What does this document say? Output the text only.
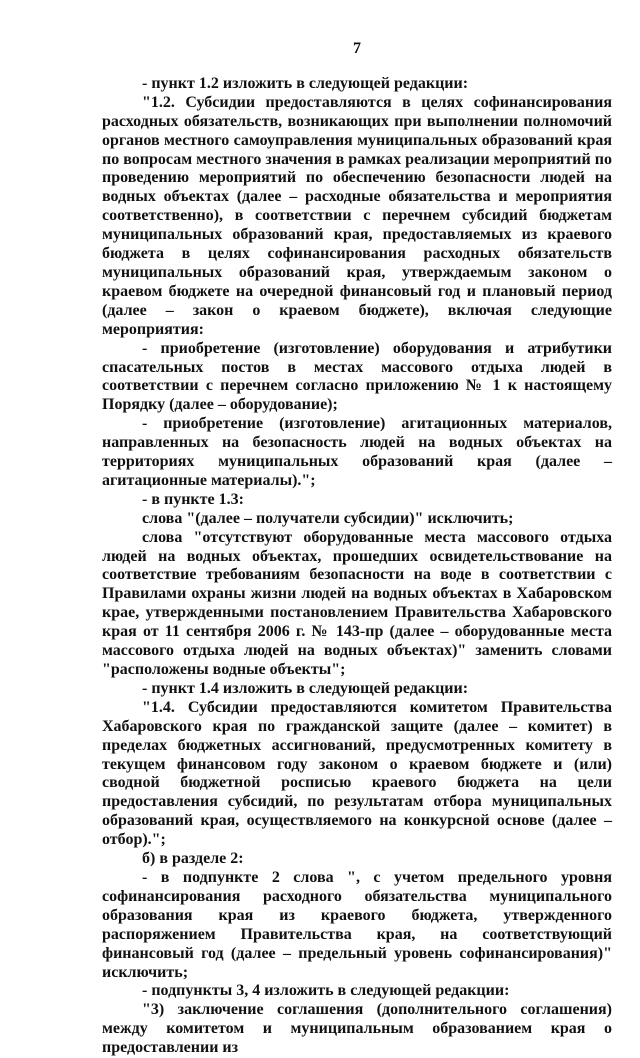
7

- пункт 1.2 изложить в следующей редакции:

"1.2. Субсидии предоставляются в целях софинансирования расходных обязательств, возникающих при выполнении полномочий органов местного самоуправления муниципальных образований края по вопросам местного значения в рамках реализации мероприятий по проведению мероприятий по обеспечению безопасности людей на водных объектах (далее – расходные обязательства и мероприятия соответственно), в соответствии с перечнем субсидий бюджетам муниципальных образований края, предоставляемых из краевого бюджета в целях софинансирования расходных обязательств муниципальных образований края, утверждаемым законом о краевом бюджете на очередной финансовый год и плановый период (далее – закон о краевом бюджете), включая следующие мероприятия:

- приобретение (изготовление) оборудования и атрибутики спасательных постов в местах массового отдыха людей в соответствии с перечнем согласно приложению № 1 к настоящему Порядку (далее – оборудование);

- приобретение (изготовление) агитационных материалов, направленных на безопасность людей на водных объектах на территориях муниципальных образований края (далее – агитационные материалы).";

- в пункте 1.3:

слова "(далее – получатели субсидии)" исключить;

слова "отсутствуют оборудованные места массового отдыха людей на водных объектах, прошедших освидетельствование на соответствие требованиям безопасности на воде в соответствии с Правилами охраны жизни людей на водных объектах в Хабаровском крае, утвержденными постановлением Правительства Хабаровского края от 11 сентября 2006 г. № 143-пр (далее – оборудованные места массового отдыха людей на водных объектах)" заменить словами "расположены водные объекты";

- пункт 1.4 изложить в следующей редакции:

"1.4. Субсидии предоставляются комитетом Правительства Хабаровского края по гражданской защите (далее – комитет) в пределах бюджетных ассигнований, предусмотренных комитету в текущем финансовом году законом о краевом бюджете и (или) сводной бюджетной росписью краевого бюджета на цели предоставления субсидий, по результатам отбора муниципальных образований края, осуществляемого на конкурсной основе (далее – отбор).";

б) в разделе 2:

- в подпункте 2 слова ", с учетом предельного уровня софинансирования расходного обязательства муниципального образования края из краевого бюджета, утвержденного распоряжением Правительства края, на соответствующий финансовый год (далее – предельный уровень софинансирования)" исключить;

- подпункты 3, 4 изложить в следующей редакции:

"3) заключение соглашения (дополнительного соглашения) между комитетом и муниципальным образованием края о предоставлении из
